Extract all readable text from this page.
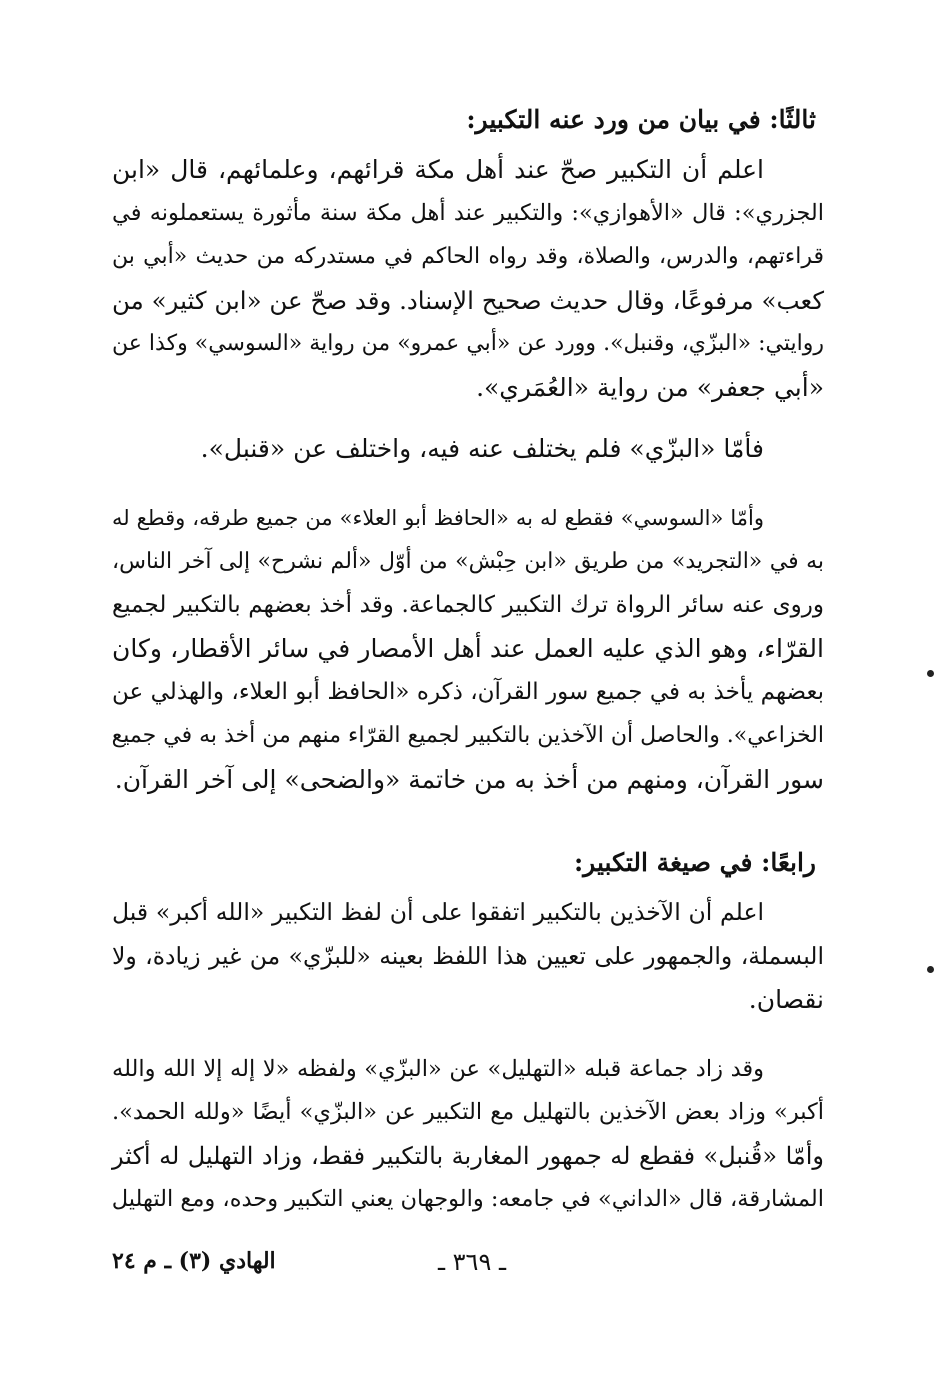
ثالثًا: في بيان من ورد عنه التكبير:
اعلم أن التكبير صحّ عند أهل مكة قرائهم، وعلمائهم، قال «ابن
الجزري»: قال «الأهوازي»: والتكبير عند أهل مكة سنة مأثورة يستعملونه في
قراءتهم، والدرس، والصلاة، وقد رواه الحاكم في مستدركه من حديث «أبي بن
كعب» مرفوعًا، وقال حديث صحيح الإسناد. وقد صحّ عن «ابن كثير» من
روايتي: «البزّي، وقنبل». وورد عن «أبي عمرو» من رواية «السوسي» وكذا عن
«أبي جعفر» من رواية «العُمَري».
فأمّا «البزّي» فلم يختلف عنه فيه، واختلف عن «قنبل».
وأمّا «السوسي» فقطع له به «الحافظ أبو العلاء» من جميع طرقه، وقطع له
به في «التجريد» من طريق «ابن حِبْش» من أوّل «ألم نشرح» إلى آخر الناس،
وروى عنه سائر الرواة ترك التكبير كالجماعة. وقد أخذ بعضهم بالتكبير لجميع
القرّاء، وهو الذي عليه العمل عند أهل الأمصار في سائر الأقطار، وكان
بعضهم يأخذ به في جميع سور القرآن، ذكره «الحافظ أبو العلاء، والهذلي عن
الخزاعي». والحاصل أن الآخذين بالتكبير لجميع القرّاء منهم من أخذ به في جميع
سور القرآن، ومنهم من أخذ به من خاتمة «والضحى» إلى آخر القرآن.
رابعًا: في صيغة التكبير:
اعلم أن الآخذين بالتكبير اتفقوا على أن لفظ التكبير «الله أكبر» قبل
البسملة، والجمهور على تعيين هذا اللفظ بعينه «للبزّي» من غير زيادة، ولا
نقصان.
وقد زاد جماعة قبله «التهليل» عن «البزّي» ولفظه «لا إله إلا الله والله
أكبر» وزاد بعض الآخذين بالتهليل مع التكبير عن «البزّي» أيضًا «ولله الحمد».
وأمّا «قُنبل» فقطع له جمهور المغاربة بالتكبير فقط، وزاد التهليل له أكثر
المشارقة، قال «الداني» في جامعه: والوجهان يعني التكبير وحده، ومع التهليل
ـ ٣٦٩ ـ
الهادي (٣) ـ م ٢٤
